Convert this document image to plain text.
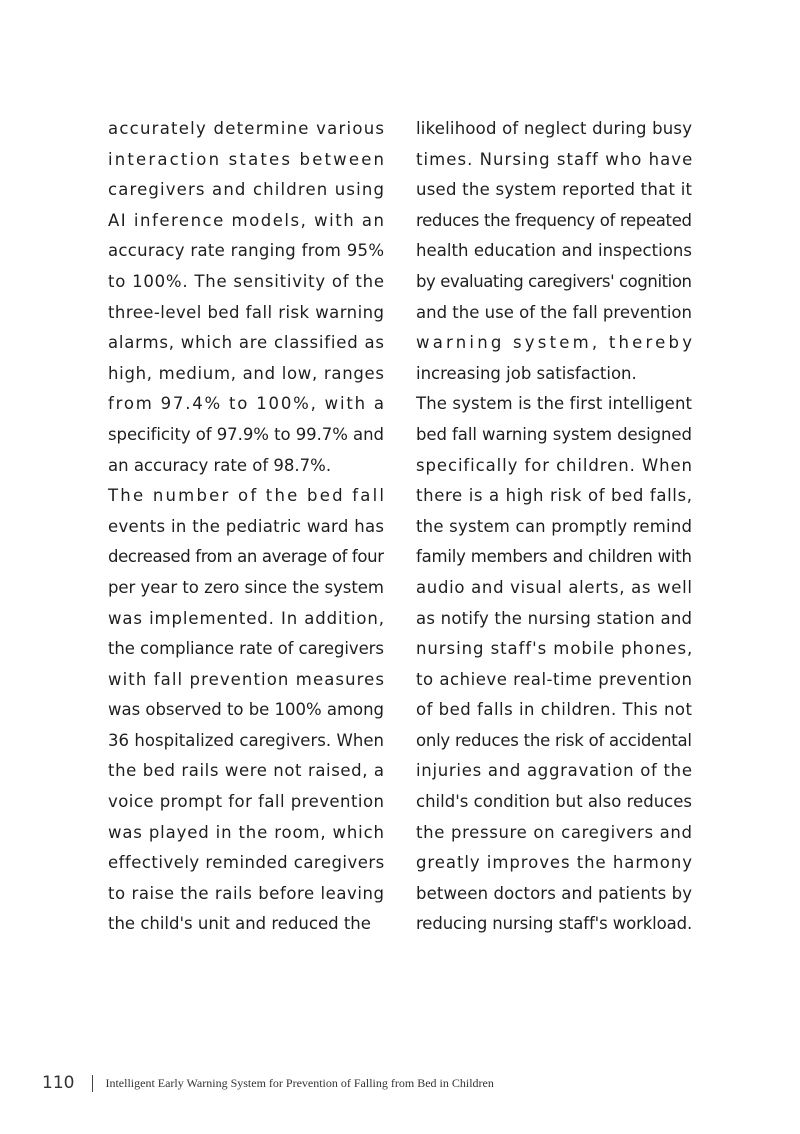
accurately determine various
interaction states between
caregivers and children using
AI inference models, with an
accuracy rate ranging from 95%
to 100%. The sensitivity of the
three-level bed fall risk warning
alarms, which are classified as
high, medium, and low, ranges
from 97.4% to 100%, with a
specificity of 97.9% to 99.7% and
an accuracy rate of 98.7%.
The number of the bed fall
events in the pediatric ward has
decreased from an average of four
per year to zero since the system
was implemented. In addition,
the compliance rate of caregivers
with fall prevention measures
was observed to be 100% among
36 hospitalized caregivers. When
the bed rails were not raised, a
voice prompt for fall prevention
was played in the room, which
effectively reminded caregivers
to raise the rails before leaving
the child's unit and reduced the
likelihood of neglect during busy
times. Nursing staff who have
used the system reported that it
reduces the frequency of repeated
health education and inspections
by evaluating caregivers' cognition
and the use of the fall prevention
warning system, thereby
increasing job satisfaction.
The system is the first intelligent
bed fall warning system designed
specifically for children. When
there is a high risk of bed falls,
the system can promptly remind
family members and children with
audio and visual alerts, as well
as notify the nursing station and
nursing staff's mobile phones,
to achieve real-time prevention
of bed falls in children. This not
only reduces the risk of accidental
injuries and aggravation of the
child's condition but also reduces
the pressure on caregivers and
greatly improves the harmony
between doctors and patients by
reducing nursing staff's workload.
110	Intelligent Early Warning System for Prevention of Falling from Bed in Children
